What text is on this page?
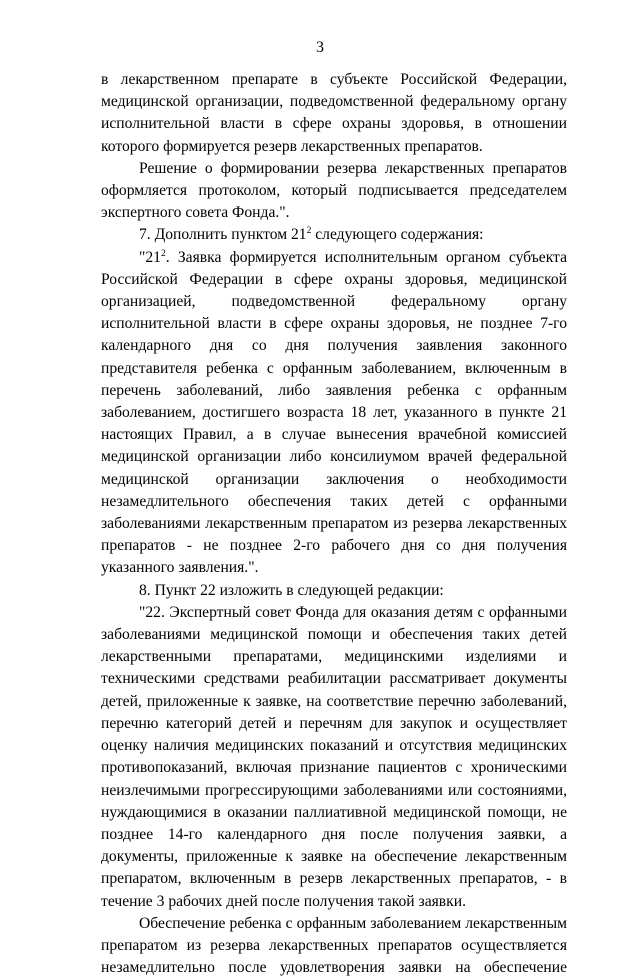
3

в лекарственном препарате в субъекте Российской Федерации, медицинской организации, подведомственной федеральному органу исполнительной власти в сфере охраны здоровья, в отношении которого формируется резерв лекарственных препаратов.

Решение о формировании резерва лекарственных препаратов оформляется протоколом, который подписывается председателем экспертного совета Фонда.".

7. Дополнить пунктом $21^2$ следующего содержания:

"$21^2$. Заявка формируется исполнительным органом субъекта Российской Федерации в сфере охраны здоровья, медицинской организацией, подведомственной федеральному органу исполнительной власти в сфере охраны здоровья, не позднее 7-го календарного дня со дня получения заявления законного представителя ребенка с орфанным заболеванием, включенным в перечень заболеваний, либо заявления ребенка с орфанным заболеванием, достигшего возраста 18 лет, указанного в пункте 21 настоящих Правил, а в случае вынесения врачебной комиссией медицинской организации либо консилиумом врачей федеральной медицинской организации заключения о необходимости незамедлительного обеспечения таких детей с орфанными заболеваниями лекарственным препаратом из резерва лекарственных препаратов - не позднее 2-го рабочего дня со дня получения указанного заявления.".

8. Пункт 22 изложить в следующей редакции:

"22. Экспертный совет Фонда для оказания детям с орфанными заболеваниями медицинской помощи и обеспечения таких детей лекарственными препаратами, медицинскими изделиями и техническими средствами реабилитации рассматривает документы детей, приложенные к заявке, на соответствие перечню заболеваний, перечню категорий детей и перечням для закупок и осуществляет оценку наличия медицинских показаний и отсутствия медицинских противопоказаний, включая признание пациентов с хроническими неизлечимыми прогрессирующими заболеваниями или состояниями, нуждающимися в оказании паллиативной медицинской помощи, не позднее 14-го календарного дня после получения заявки, а документы, приложенные к заявке на обеспечение лекарственным препаратом, включенным в резерв лекарственных препаратов, - в течение 3 рабочих дней после получения такой заявки.

Обеспечение ребенка с орфанным заболеванием лекарственным препаратом из резерва лекарственных препаратов осуществляется незамедлительно после удовлетворения заявки на обеспечение
